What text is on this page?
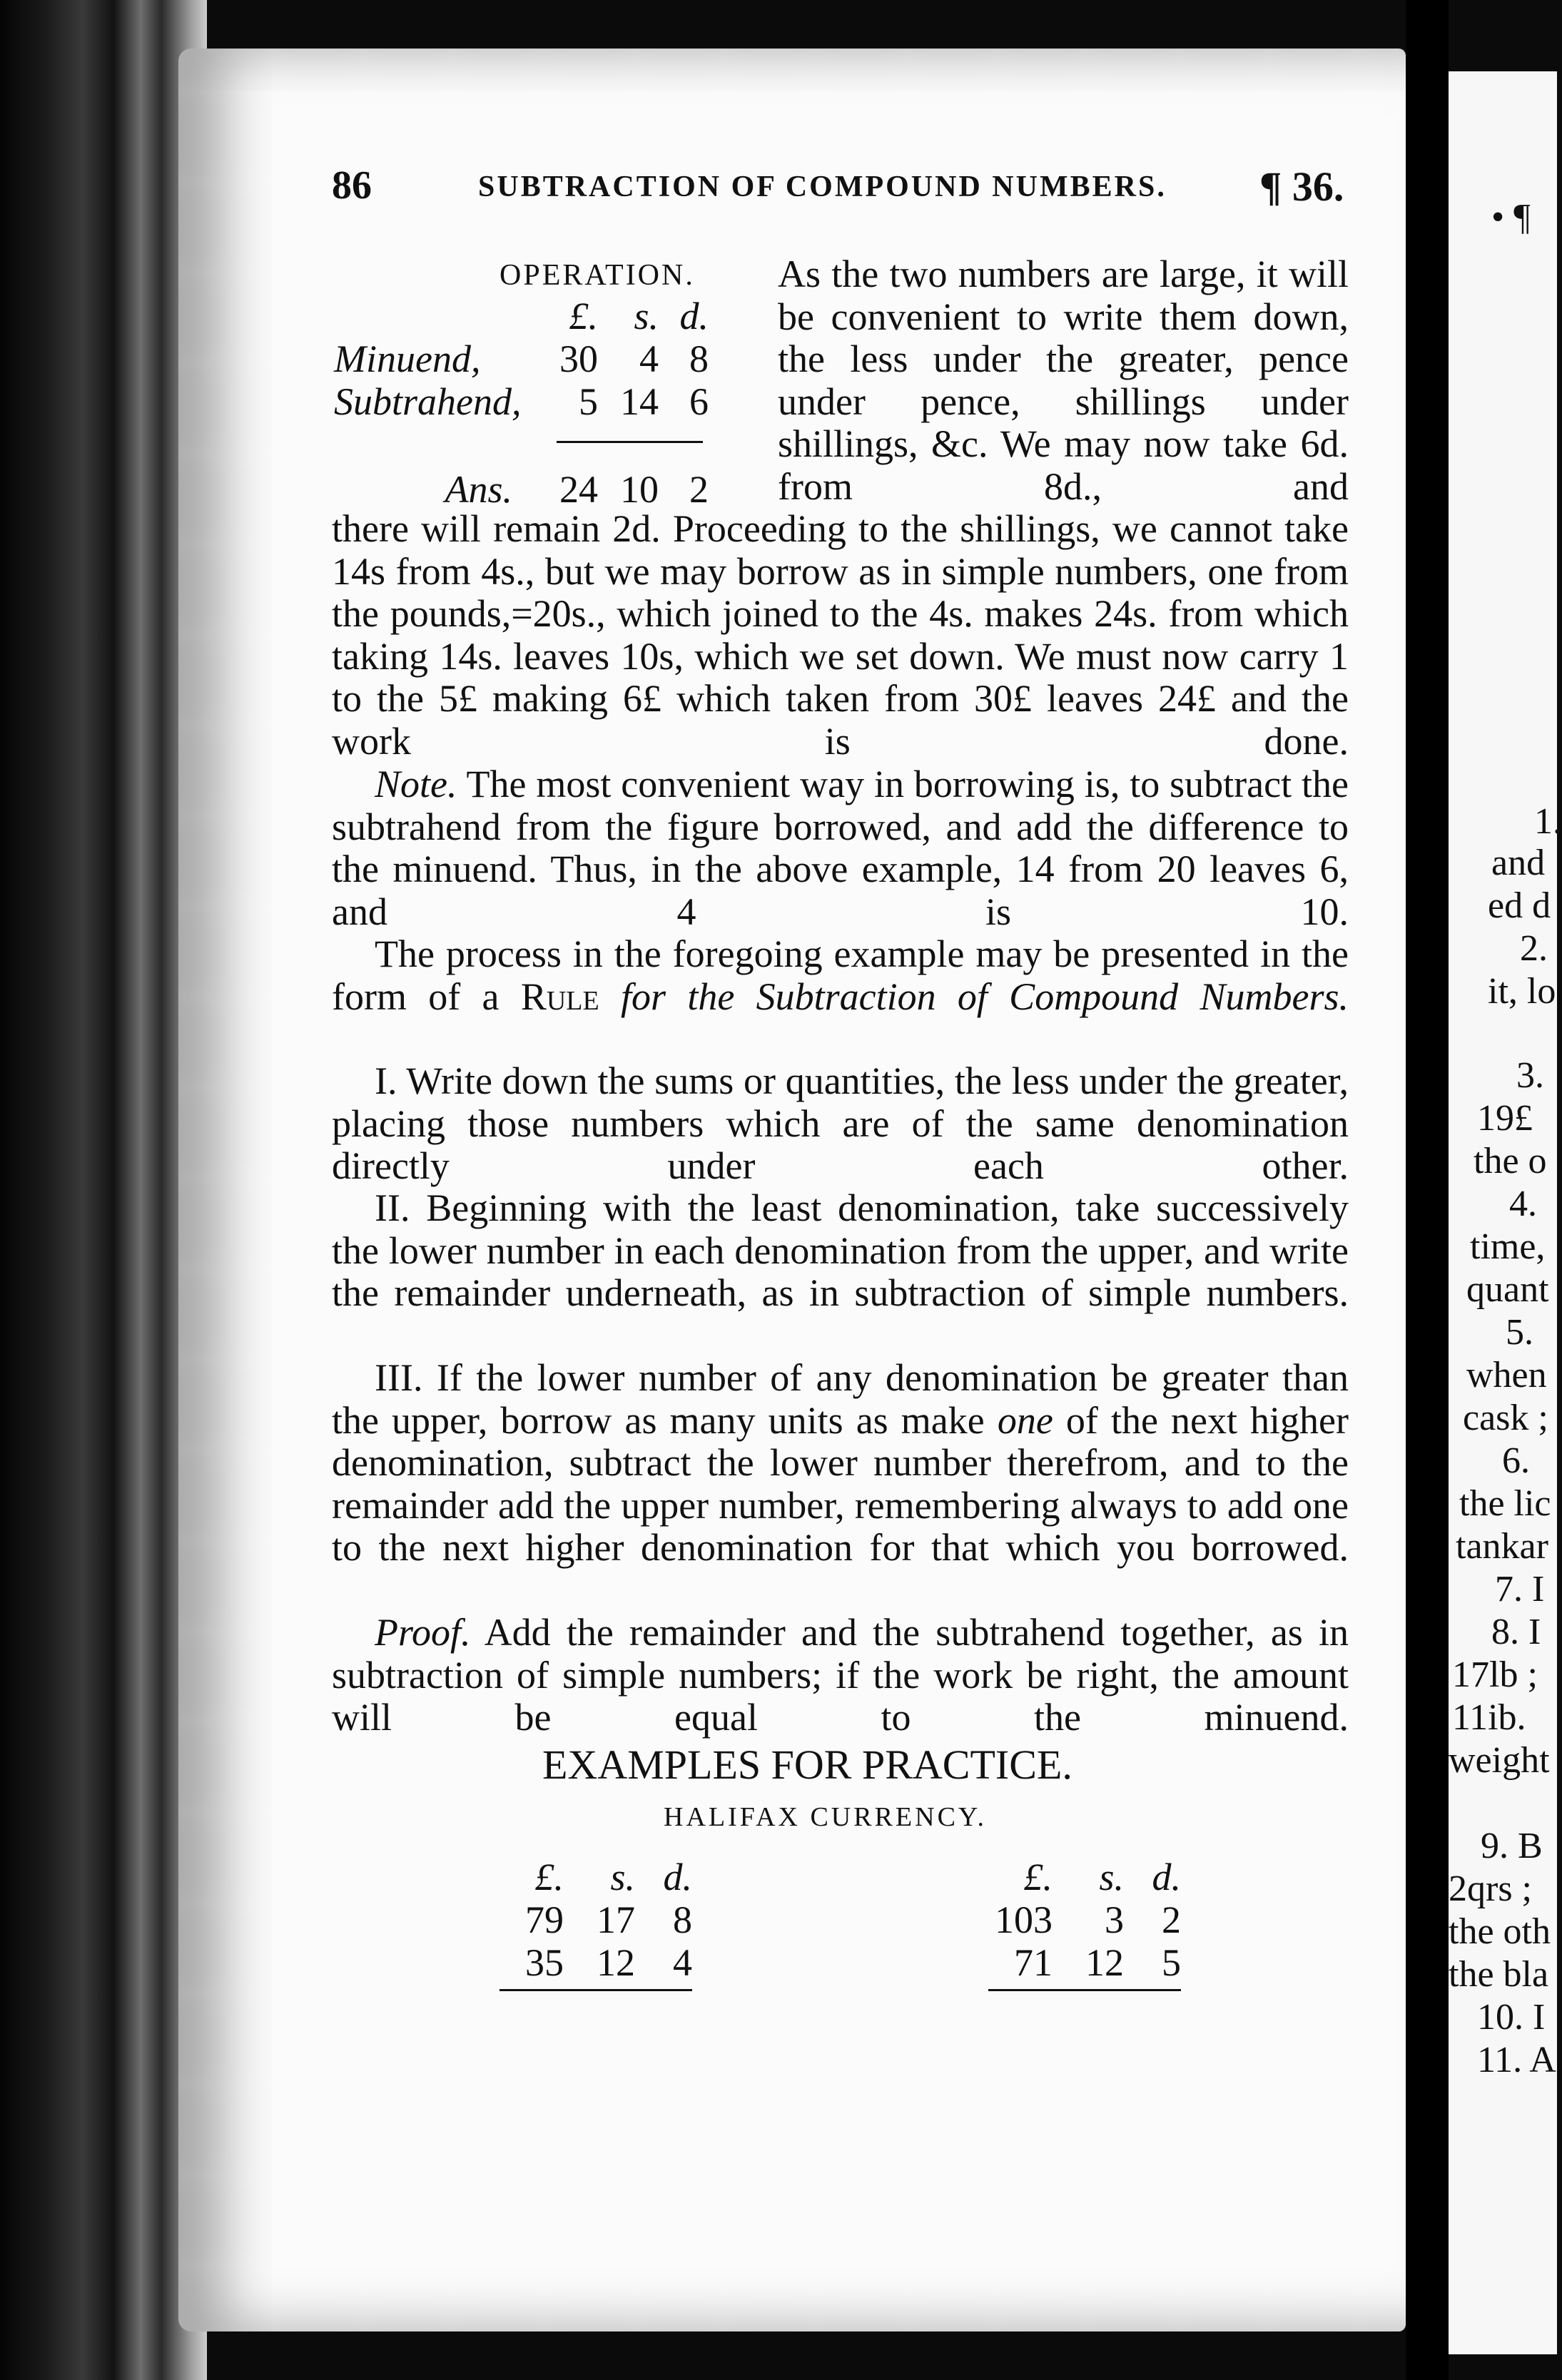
86	SUBTRACTION OF COMPOUND NUMBERS. ¶ 36.
OPERATION.
£. s. d.
Minuend,	30	4 8
Subtrahend,	5 14 6
Ans.	24 10 2
As the two numbers are large, it will be convenient to write them down, the less under the greater, pence under pence, shillings under shillings, &c. We may now take 6d. from 8d., and
there will remain 2d. Proceeding to the shillings, we cannot take 14s from 4s., but we may borrow as in simple numbers, one from the pounds,=20s., which joined to the 4s. makes 24s. from which taking 14s. leaves 10s, which we set down. We must now carry 1 to the 5£ making 6£ which taken from 30£ leaves 24£ and the work is done.
Note. The most convenient way in borrowing is, to subtract the subtrahend from the figure borrowed, and add the difference to the minuend. Thus, in the above example, 14 from 20 leaves 6, and 4 is 10.
The process in the foregoing example may be presented in the form of a Rule for the Subtraction of Compound Numbers.
I. Write down the sums or quantities, the less under the greater, placing those numbers which are of the same denomination directly under each other.
II. Beginning with the least denomination, take successively the lower number in each denomination from the upper, and write the remainder underneath, as in subtraction of simple numbers.
III. If the lower number of any denomination be greater than the upper, borrow as many units as make one of the next higher denomination, subtract the lower number therefrom, and to the remainder add the upper number, remembering always to add one to the next higher denomination for that which you borrowed.
Proof. Add the remainder and the subtrahend together, as in subtraction of simple numbers; if the work be right, the amount will be equal to the minuend.
EXAMPLES FOR PRACTICE.
HALIFAX CURRENCY.
£.	s. d.
79 17 8
35 12 4
£.	s. d.
103	3 2
71 12 5
• ¶
1.
and
ed d
2.
it, lo
3.
19£
the o
4.
time,
quant
5.
when
cask ;
6.
the lic
tankar
7. I
8. I
17lb ;
11ib.
weight
9. B
2qrs ;
the oth
the bla
10. I
11. A
